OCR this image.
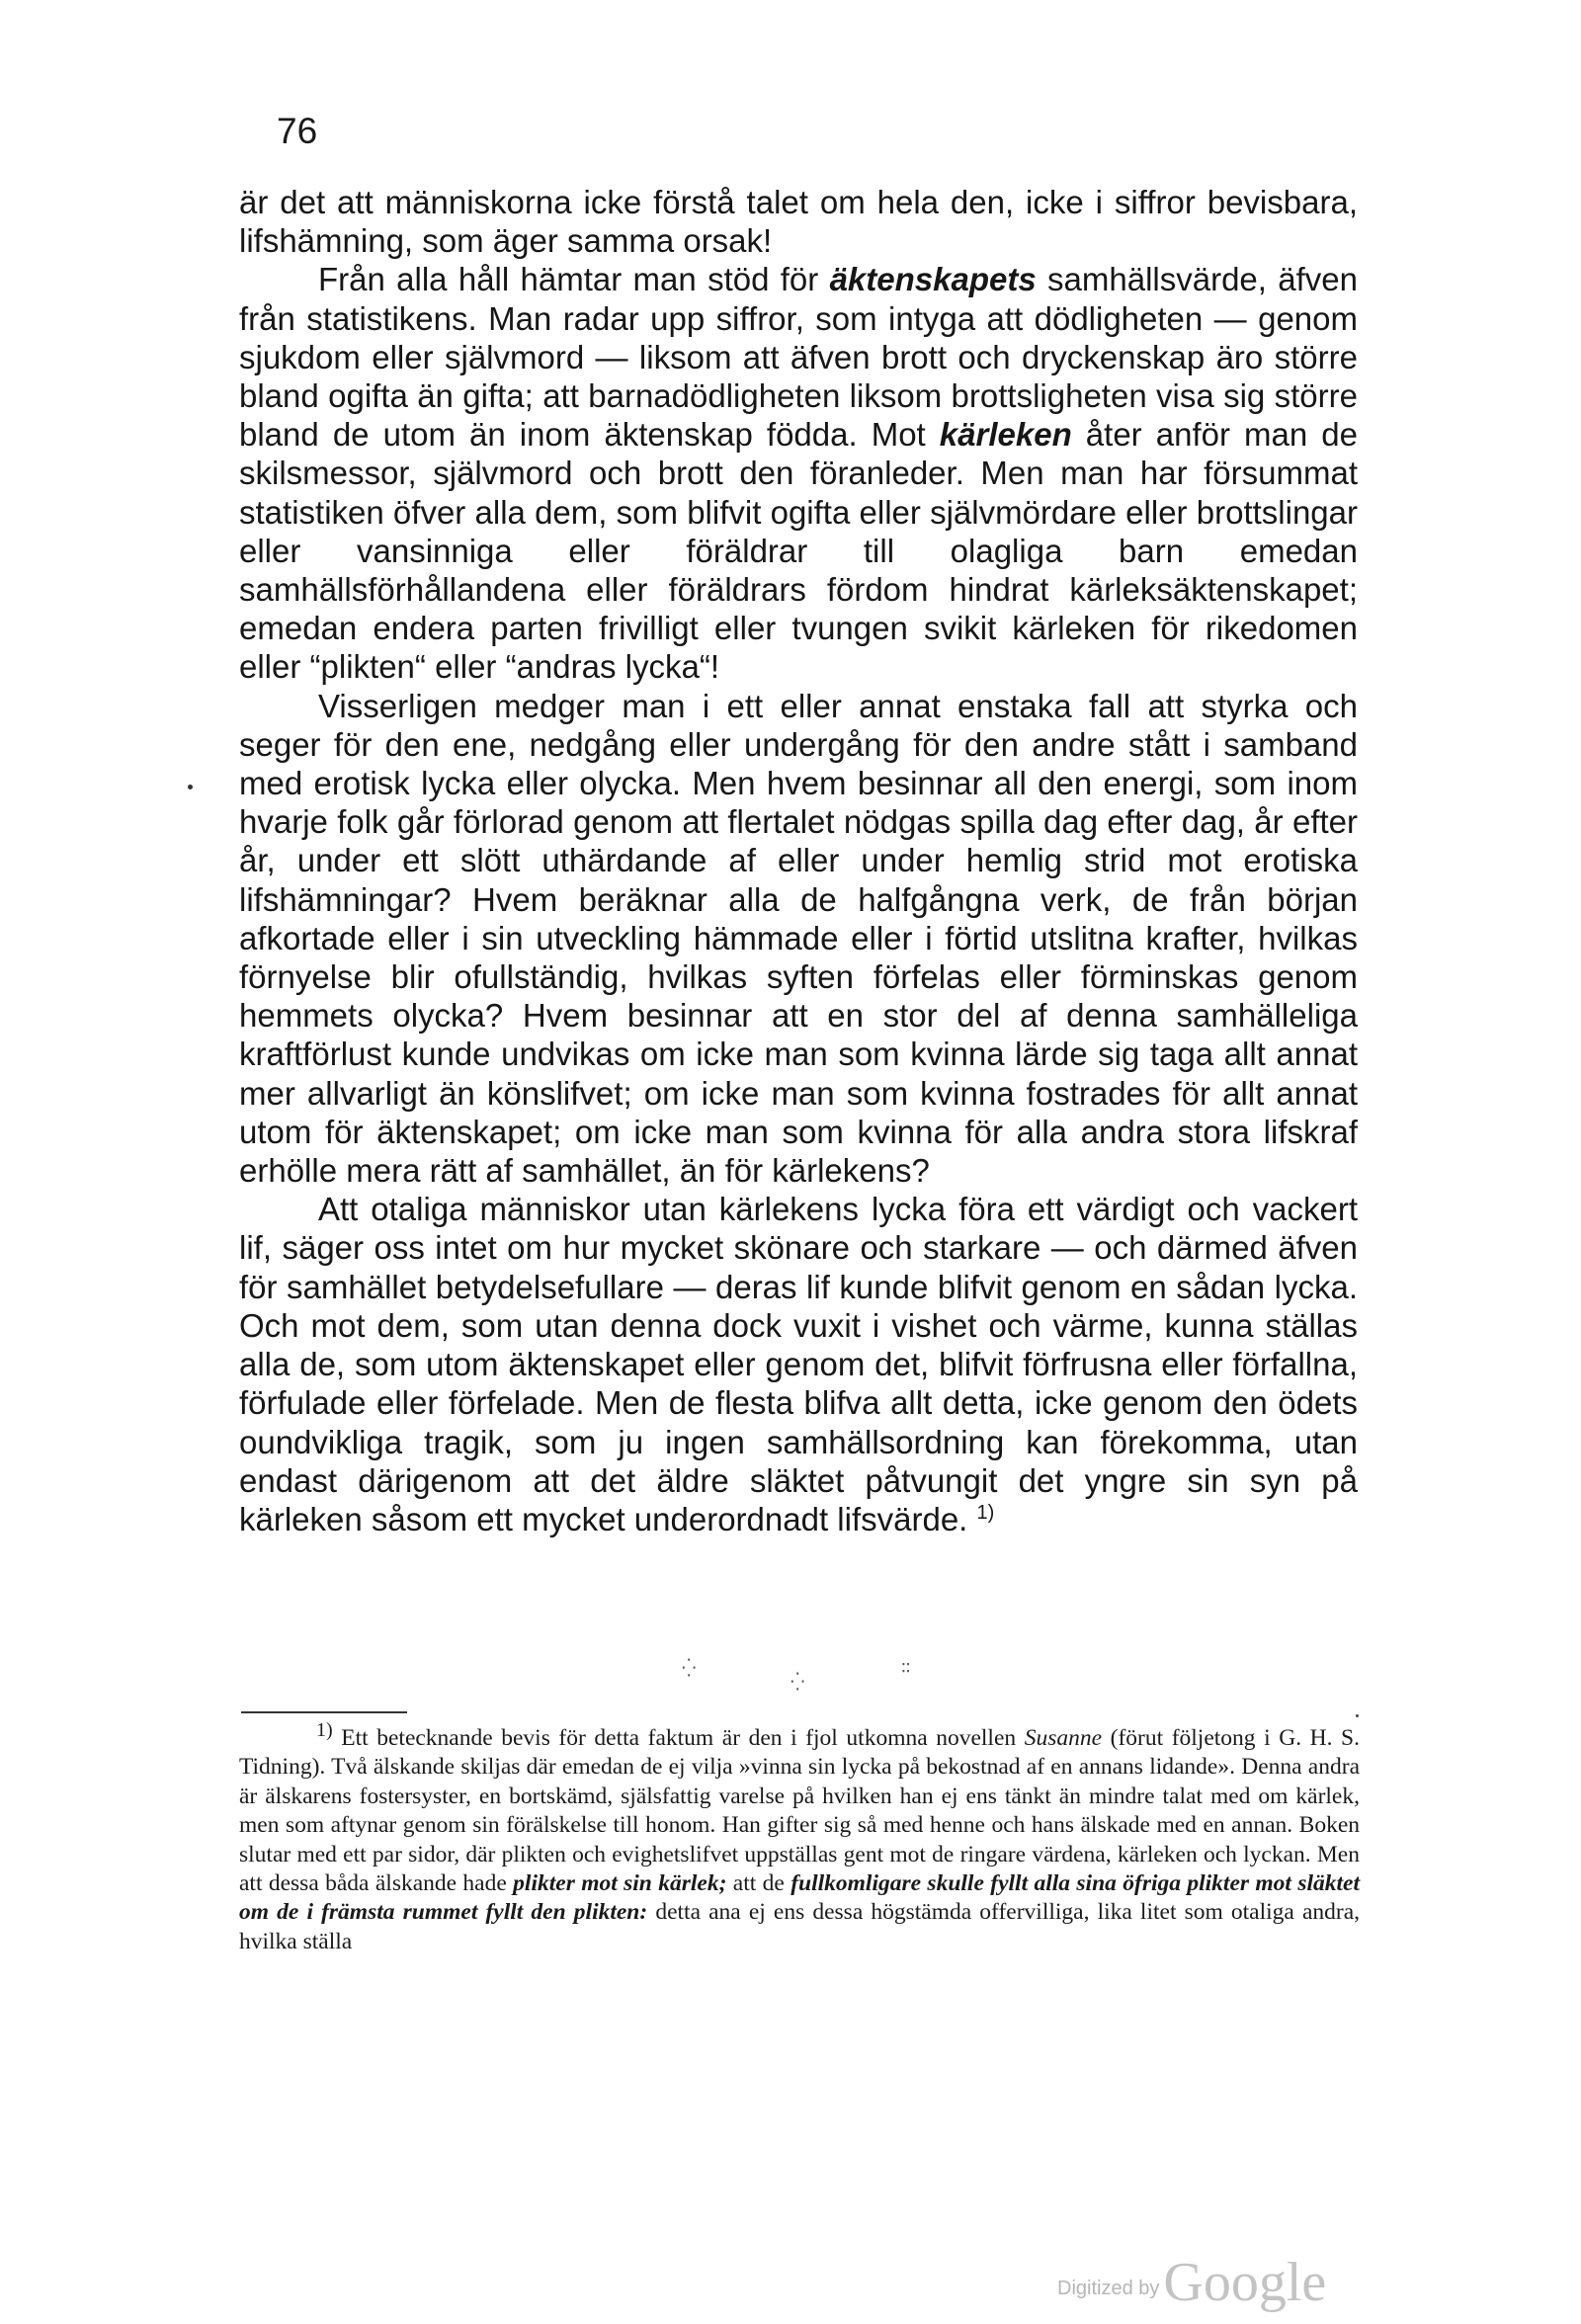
76

är det att människorna icke förstå talet om hela den, icke i siffror bevisbara, lifshämning, som äger samma orsak!

Från alla håll hämtar man stöd för äktenskapets samhällsvärde, äfven från statistikens. Man radar upp siffror, som intyga att dödligheten — genom sjukdom eller självmord — liksom att äfven brott och dryckenskap äro större bland ogifta än gifta; att barnadödligheten liksom brottsligheten visa sig större bland de utom än inom äktenskap födda. Mot kärleken åter anför man de skilsmessor, självmord och brott den föranleder. Men man har försummat statistiken öfver alla dem, som blifvit ogifta eller självmördare eller brottslingar eller vansinniga eller föräldrar till olagliga barn emedan samhällsförhållandena eller föräldrars fördom hindrat kärleksäktenskapet; emedan endera parten frivilligt eller tvungen svikit kärleken för rikedomen eller “plikten“ eller “andras lycka“!

Visserligen medger man i ett eller annat enstaka fall att styrka och seger för den ene, nedgång eller undergång för den andre stått i samband med erotisk lycka eller olycka. Men hvem besinnar all den energi, som inom hvarje folk går förlorad genom att flertalet nödgas spilla dag efter dag, år efter år, under ett slött uthärdande af eller under hemlig strid mot erotiska lifshämningar? Hvem beräknar alla de halfgångna verk, de från början afkortade eller i sin utveckling hämmade eller i förtid utslitna krafter, hvilkas förnyelse blir ofullständig, hvilkas syften förfelas eller förminskas genom hemmets olycka? Hvem besinnar att en stor del af denna samhälleliga kraftförlust kunde undvikas om icke man som kvinna lärde sig taga allt annat mer allvarligt än könslifvet; om icke man som kvinna fostrades för allt annat utom för äktenskapet; om icke man som kvinna för alla andra stora lifskraf erhölle mera rätt af samhället, än för kärlekens?

Att otaliga människor utan kärlekens lycka föra ett värdigt och vackert lif, säger oss intet om hur mycket skönare och starkare — och därmed äfven för samhället betydelsefullare — deras lif kunde blifvit genom en sådan lycka. Och mot dem, som utan denna dock vuxit i vishet och värme, kunna ställas alla de, som utom äktenskapet eller genom det, blifvit förfrusna eller förfallna, förfulade eller förfelade. Men de flesta blifva allt detta, icke genom den ödets oundvikliga tragik, som ju ingen samhällsordning kan förekomma, utan endast därigenom att det äldre släktet påtvungit det yngre sin syn på kärleken såsom ett mycket underordnadt lifsvärde. $^{1)}$

⁛
⁛
∶∶

1) Ett betecknande bevis för detta faktum är den i fjol utkomna novellen Susanne (förut följetong i G. H. S. Tidning). Två älskande skiljas där emedan de ej vilja »vinna sin lycka på bekostnad af en annans lidande». Denna andra är älskarens fostersyster, en bortskämd, själsfattig varelse på hvilken han ej ens tänkt än mindre talat med om kärlek, men som aftynar genom sin förälskelse till honom. Han gifter sig så med henne och hans älskade med en annan. Boken slutar med ett par sidor, där plikten och evighetslifvet uppställas gent mot de ringare värdena, kärleken och lyckan. Men att dessa båda älskande hade plikter mot sin kärlek; att de fullkomligare skulle fyllt alla sina öfriga plikter mot släktet om de i främsta rummet fyllt den plikten: detta ana ej ens dessa högstämda offervilliga, lika litet som otaliga andra, hvilka ställa

Digitized byGoogle
